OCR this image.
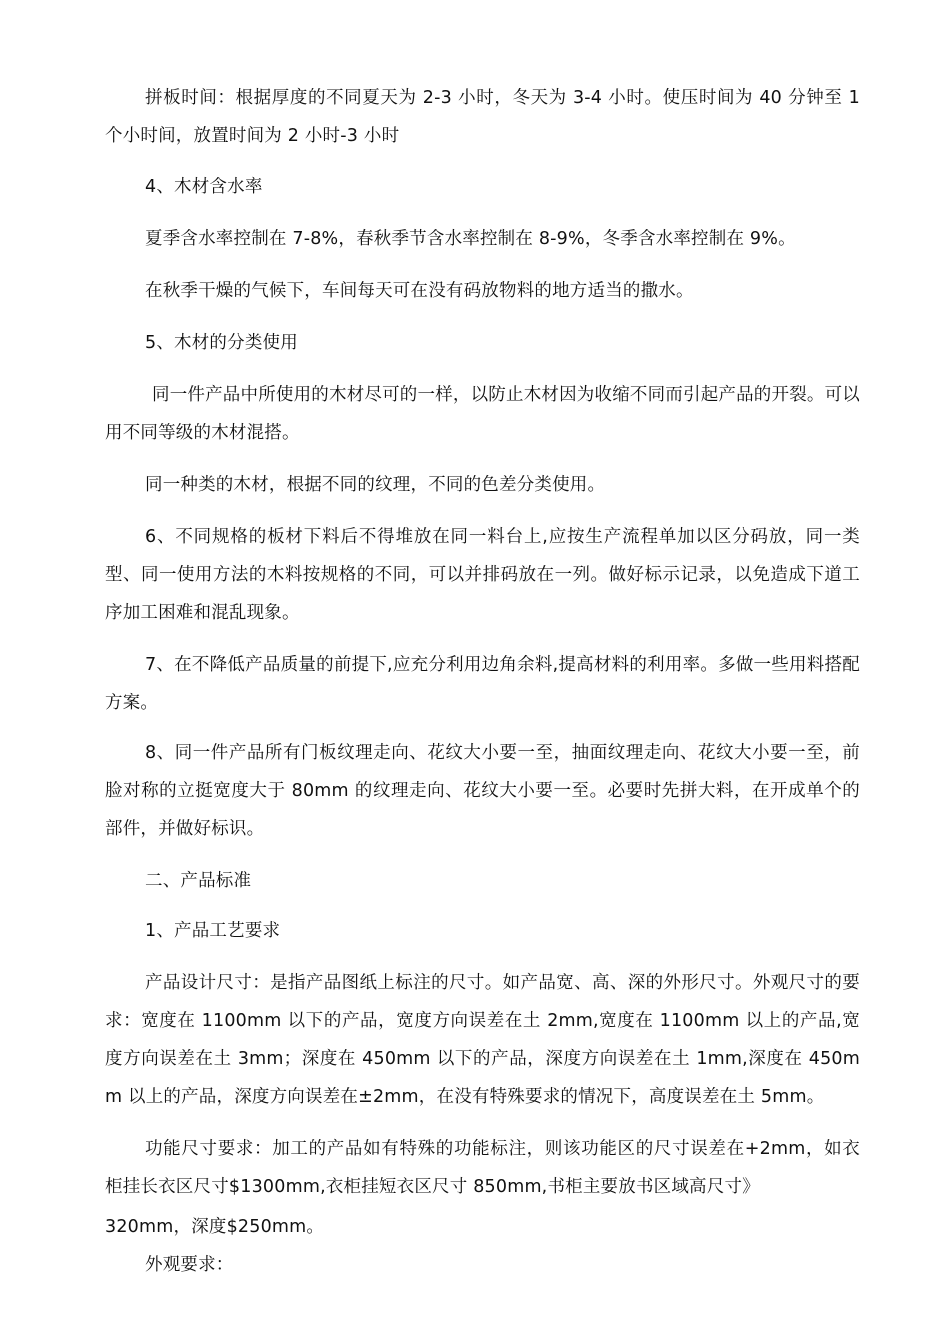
拼板时间：根据厚度的不同夏天为 2-3 小时，冬天为 3-4 小时。使压时间为 40 分钟至 1 个小时间，放置时间为 2 小时-3 小时

4、木材含水率

夏季含水率控制在 7-8%，春秋季节含水率控制在 8-9%，冬季含水率控制在 9%。

在秋季干燥的气候下，车间每天可在没有码放物料的地方适当的撒水。

5、木材的分类使用

同一件产品中所使用的木材尽可的一样，以防止木材因为收缩不同而引起产品的开裂。可以用不同等级的木材混搭。

同一种类的木材，根据不同的纹理，不同的色差分类使用。

6、不同规格的板材下料后不得堆放在同一料台上,应按生产流程单加以区分码放，同一类型、同一使用方法的木料按规格的不同，可以并排码放在一列。做好标示记录，以免造成下道工序加工困难和混乱现象。

7、在不降低产品质量的前提下,应充分利用边角余料,提高材料的利用率。多做一些用料搭配方案。

8、同一件产品所有门板纹理走向、花纹大小要一至，抽面纹理走向、花纹大小要一至，前脸对称的立挺宽度大于 80mm 的纹理走向、花纹大小要一至。必要时先拼大料，在开成单个的部件，并做好标识。

二、产品标准

1、产品工艺要求

产品设计尺寸：是指产品图纸上标注的尺寸。如产品宽、高、深的外形尺寸。外观尺寸的要求：宽度在 1100mm 以下的产品，宽度方向误差在土 2mm,宽度在 1100mm 以上的产品,宽度方向误差在土 3mm；深度在 450mm 以下的产品，深度方向误差在土 1mm,深度在 450mm 以上的产品，深度方向误差在±2mm，在没有特殊要求的情况下，高度误差在土 5mm。

功能尺寸要求：加工的产品如有特殊的功能标注，则该功能区的尺寸误差在+2mm，如衣柜挂长衣区尺寸$1300mm,衣柜挂短衣区尺寸 850mm,书柜主要放书区域高尺寸》

320mm，深度$250mm。

外观要求：
